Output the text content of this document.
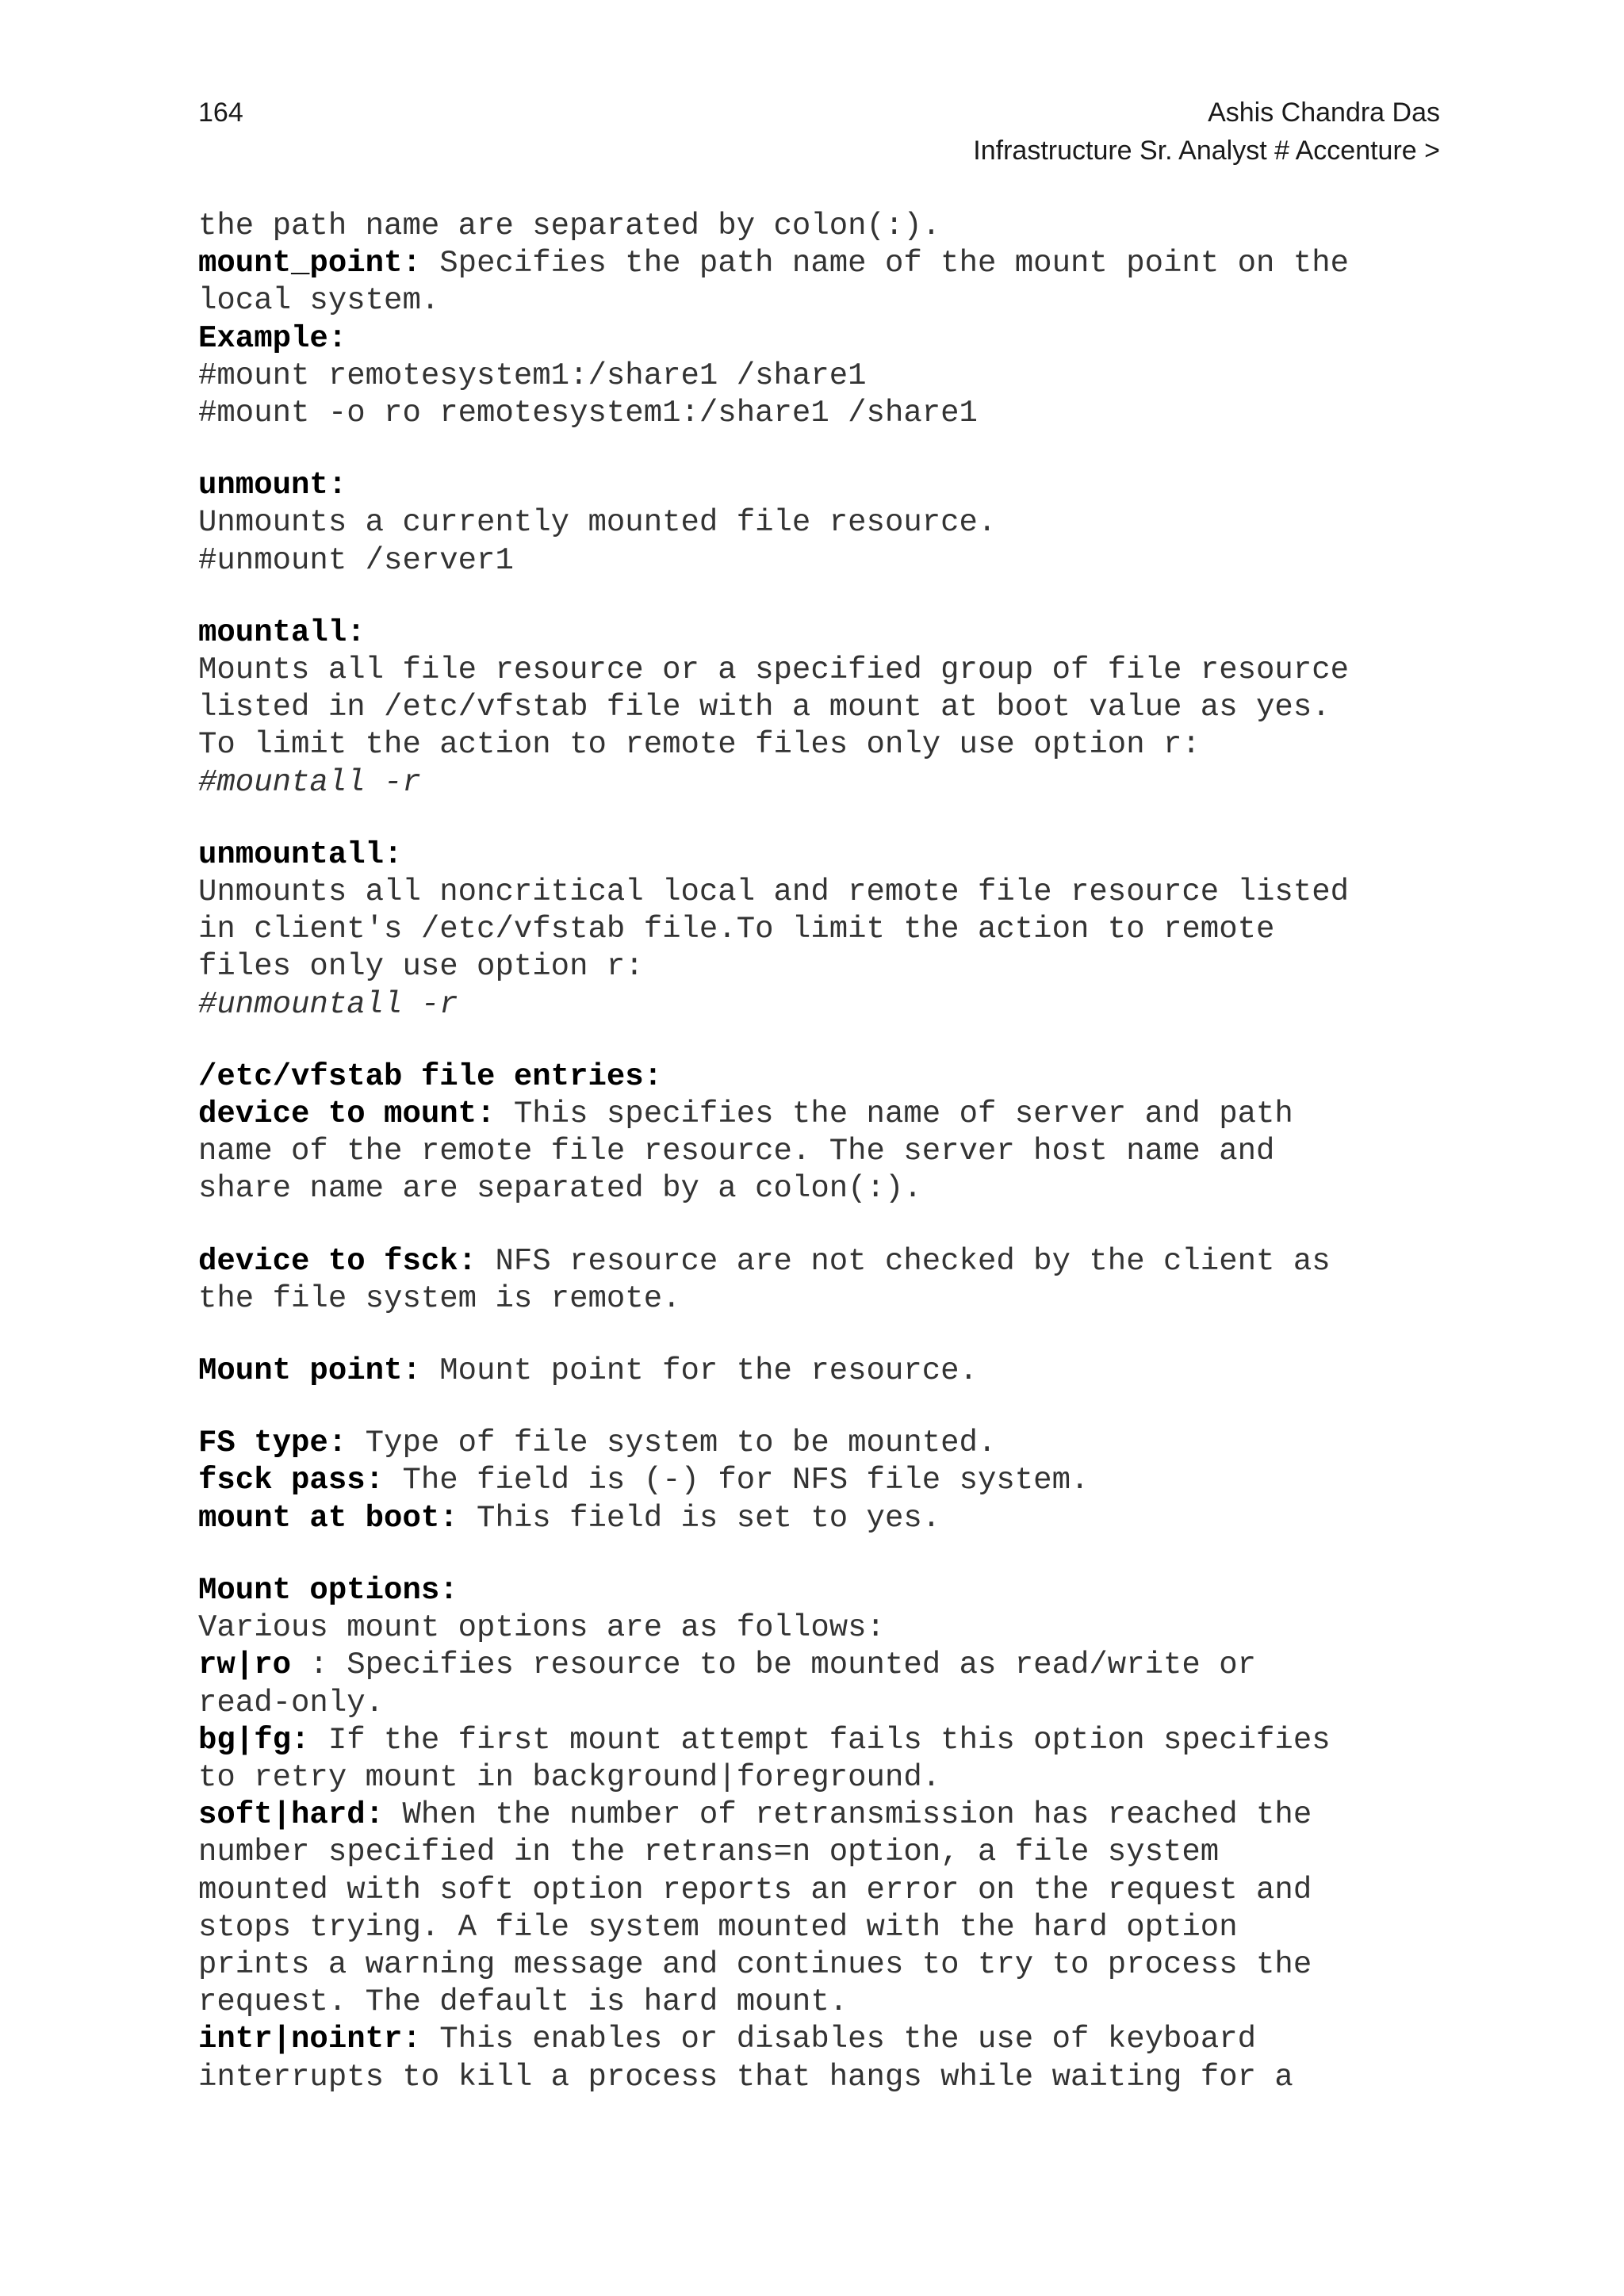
164	Ashis Chandra Das
Infrastructure Sr. Analyst # Accenture >
the path name are separated by colon(:).
mount_point: Specifies the path name of the mount point on the
local system.
Example:
#mount remotesystem1:/share1 /share1
#mount -o ro remotesystem1:/share1 /share1
unmount:
Unmounts a currently mounted file resource.
#unmount /server1
mountall:
Mounts all file resource or a specified group of file resource
listed in /etc/vfstab file with a mount at boot value as yes.
To limit the action to remote files only use option r:
#mountall -r
unmountall:
Unmounts all noncritical local and remote file resource listed
in client's /etc/vfstab file.To limit the action to remote
files only use option r:
#unmountall -r
/etc/vfstab file entries:
device to mount: This specifies the name of server and path
name of the remote file resource. The server host name and
share name are separated by a colon(:).
device to fsck: NFS resource are not checked by the client as
the file system is remote.
Mount point: Mount point for the resource.
FS type: Type of file system to be mounted.
fsck pass: The field is (-) for NFS file system.
mount at boot: This field is set to yes.
Mount options:
Various mount options are as follows:
rw|ro : Specifies resource to be mounted as read/write or
read-only.
bg|fg: If the first mount attempt fails this option specifies
to retry mount in background|foreground.
soft|hard: When the number of retransmission has reached the
number specified in the retrans=n option, a file system
mounted with soft option reports an error on the request and
stops trying. A file system mounted with the hard option
prints a warning message and continues to try to process the
request. The default is hard mount.
intr|nointr: This enables or disables the use of keyboard
interrupts to kill a process that hangs while waiting for a
